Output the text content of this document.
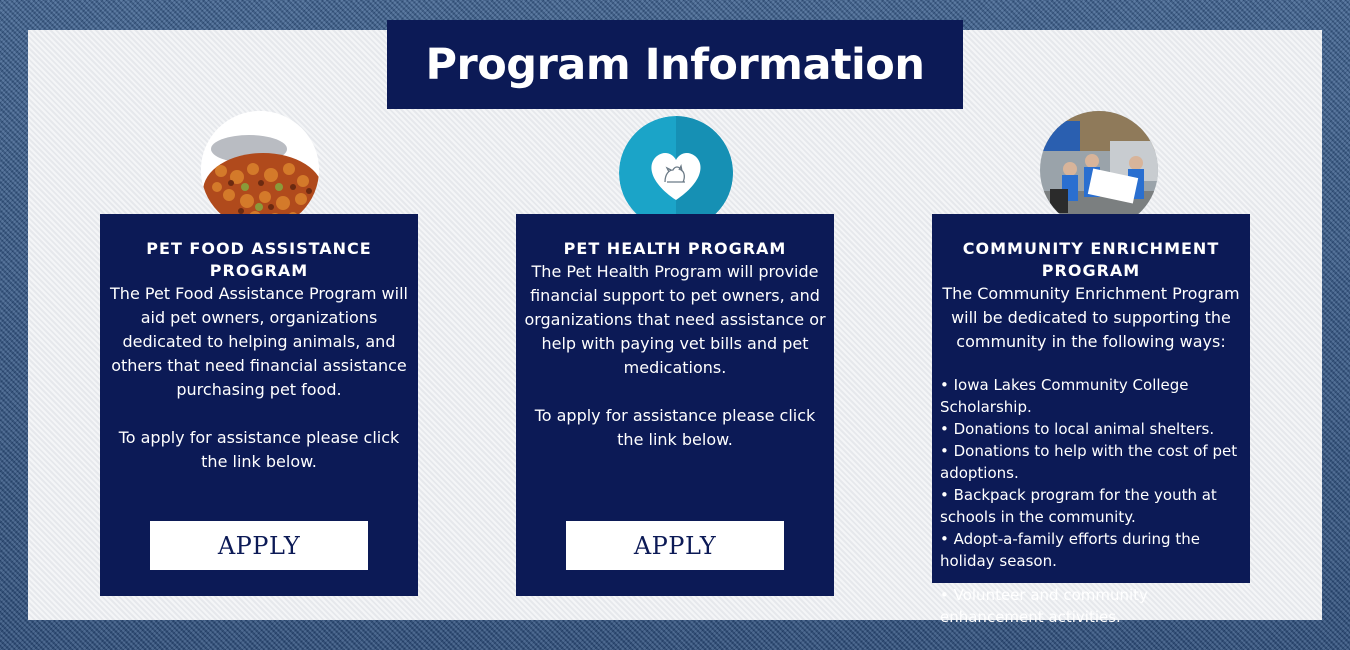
Program Information
PET FOOD ASSISTANCE PROGRAM

The Pet Food Assistance Program will aid pet owners, organizations dedicated to helping animals, and others that need financial assistance purchasing pet food.

To apply for assistance please click the link below.

APPLY
PET HEALTH PROGRAM

The Pet Health Program will provide financial support to pet owners, and organizations that need assistance or help with paying vet bills and pet medications.

To apply for assistance please click the link below.

APPLY
COMMUNITY ENRICHMENT PROGRAM

The Community Enrichment Program will be dedicated to supporting the community in the following ways:

• Iowa Lakes Community College Scholarship.
• Donations to local animal shelters.
• Donations to help with the cost of pet adoptions.
• Backpack program for the youth at schools in the community.
• Adopt-a-family efforts during the holiday season.
• Volunteer and community enhancement activities.
